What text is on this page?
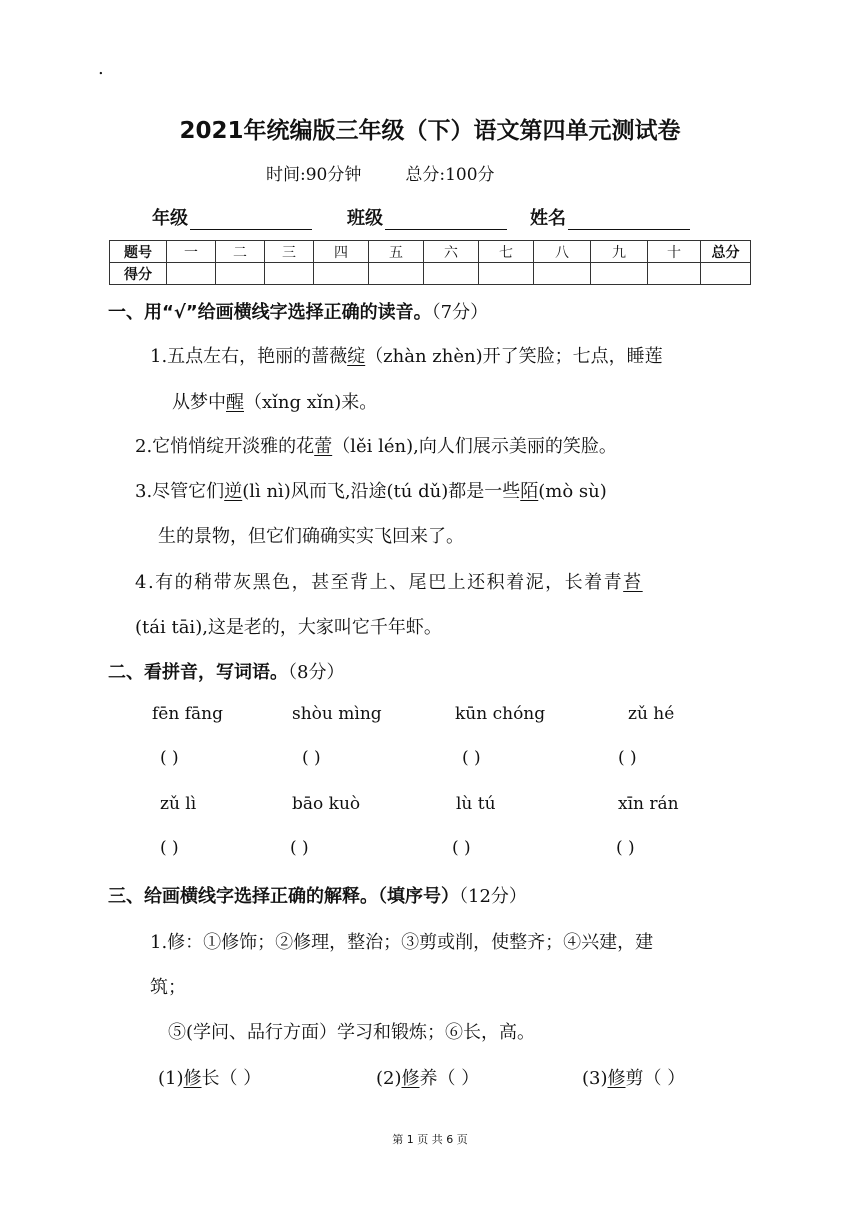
.
2021年统编版三年级（下）语文第四单元测试卷
时间:90分钟	总分:100分
年级	班级	姓名
题号	一	二	三	四	五	六	七	八	九	十	总分
得分											
一、用“√”给画横线字选择正确的读音。（7分）
1.五点左右，艳丽的蔷薇绽（zhàn zhèn)开了笑脸；七点，睡莲
从梦中醒（xǐng xǐn)来。
2.它悄悄绽开淡雅的花蕾（lěi lén),向人们展示美丽的笑脸。
3.尽管它们逆(lì nì)风而飞,沿途(tú dǔ)都是一些陌(mò sù)
生的景物，但它们确确实实飞回来了。
4.有的稍带灰黑色，甚至背上、尾巴上还积着泥，长着青苔
(tái tāi),这是老的，大家叫它千年虾。
二、看拼音，写词语。（8分）
fēn fāng	shòu mìng	kūn chóng	zǔ hé
( )	( )	( )	( )
zǔ lì	bāo kuò	lù tú	xīn rán
( )	( )	( )	( )
三、给画横线字选择正确的解释。（填序号）（12分）
1.修：①修饰；②修理，整治；③剪或削，使整齐；④兴建，建
筑；
⑤(学问、品行方面）学习和锻炼；⑥长，高。
(1)修长（ ）	(2)修养（ ）	(3)修剪（ ）
第 1 页 共 6 页
